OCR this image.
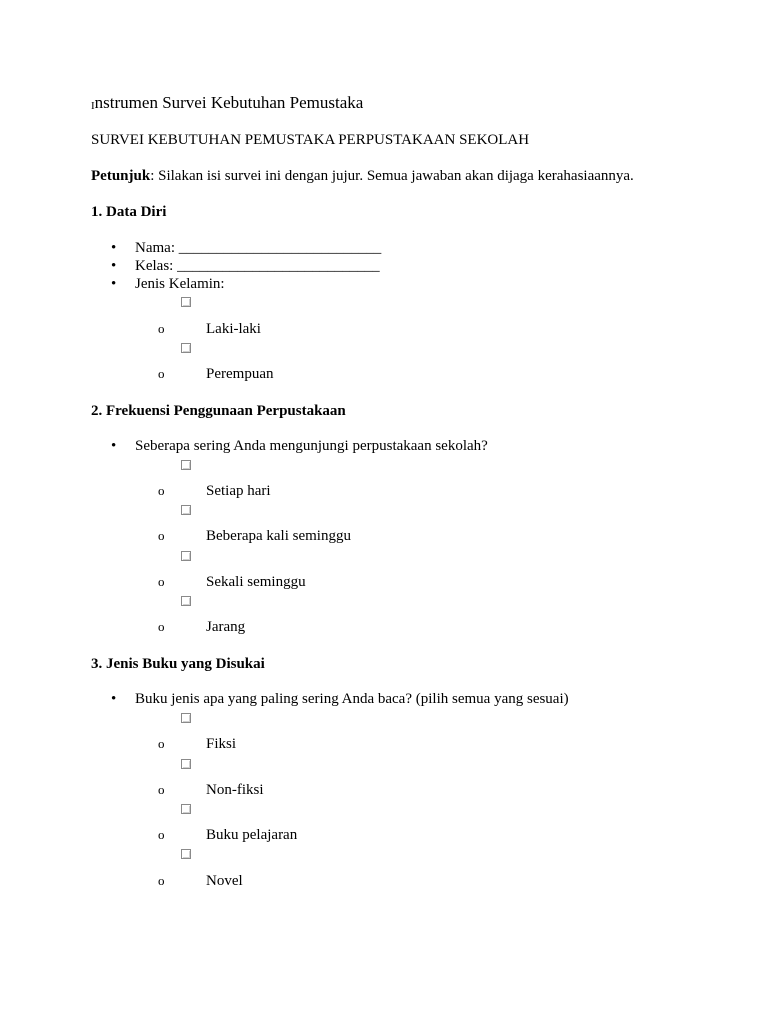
Instrumen Survei Kebutuhan Pemustaka
SURVEI KEBUTUHAN PEMUSTAKA PERPUSTAKAAN SEKOLAH
Petunjuk: Silakan isi survei ini dengan jujur. Semua jawaban akan dijaga kerahasiaannya.
1. Data Diri
• Nama: ___________________________
• Kelas: ___________________________
• Jenis Kelamin:
o	Laki-laki
o	Perempuan
2. Frekuensi Penggunaan Perpustakaan
• Seberapa sering Anda mengunjungi perpustakaan sekolah?
o	Setiap hari
o	Beberapa kali seminggu
o	Sekali seminggu
o	Jarang
3. Jenis Buku yang Disukai
• Buku jenis apa yang paling sering Anda baca? (pilih semua yang sesuai)
o	Fiksi
o	Non-fiksi
o	Buku pelajaran
o	Novel
